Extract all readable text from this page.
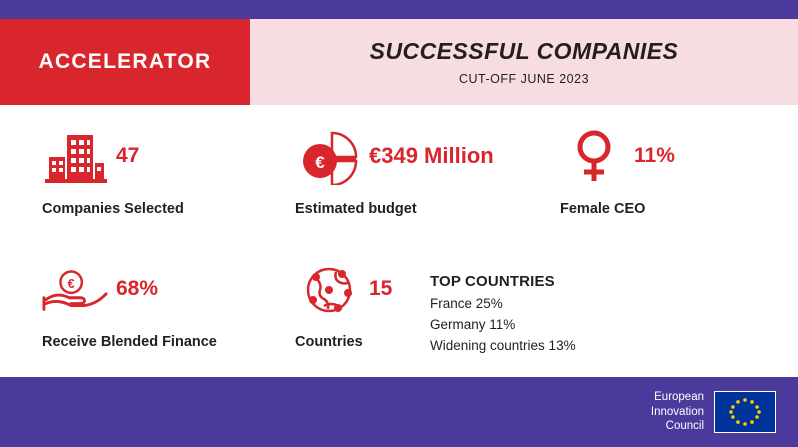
ACCELERATOR	SUCCESSFUL COMPANIES
CUT-OFF JUNE 2023
47
Companies Selected
€ €349 Million
Estimated budget
11%
Female CEO
€ 68%
Receive Blended Finance
15
Countries
TOP COUNTRIES
France 25%
Germany 11%
Widening countries 13%
European
Innovation
Council
